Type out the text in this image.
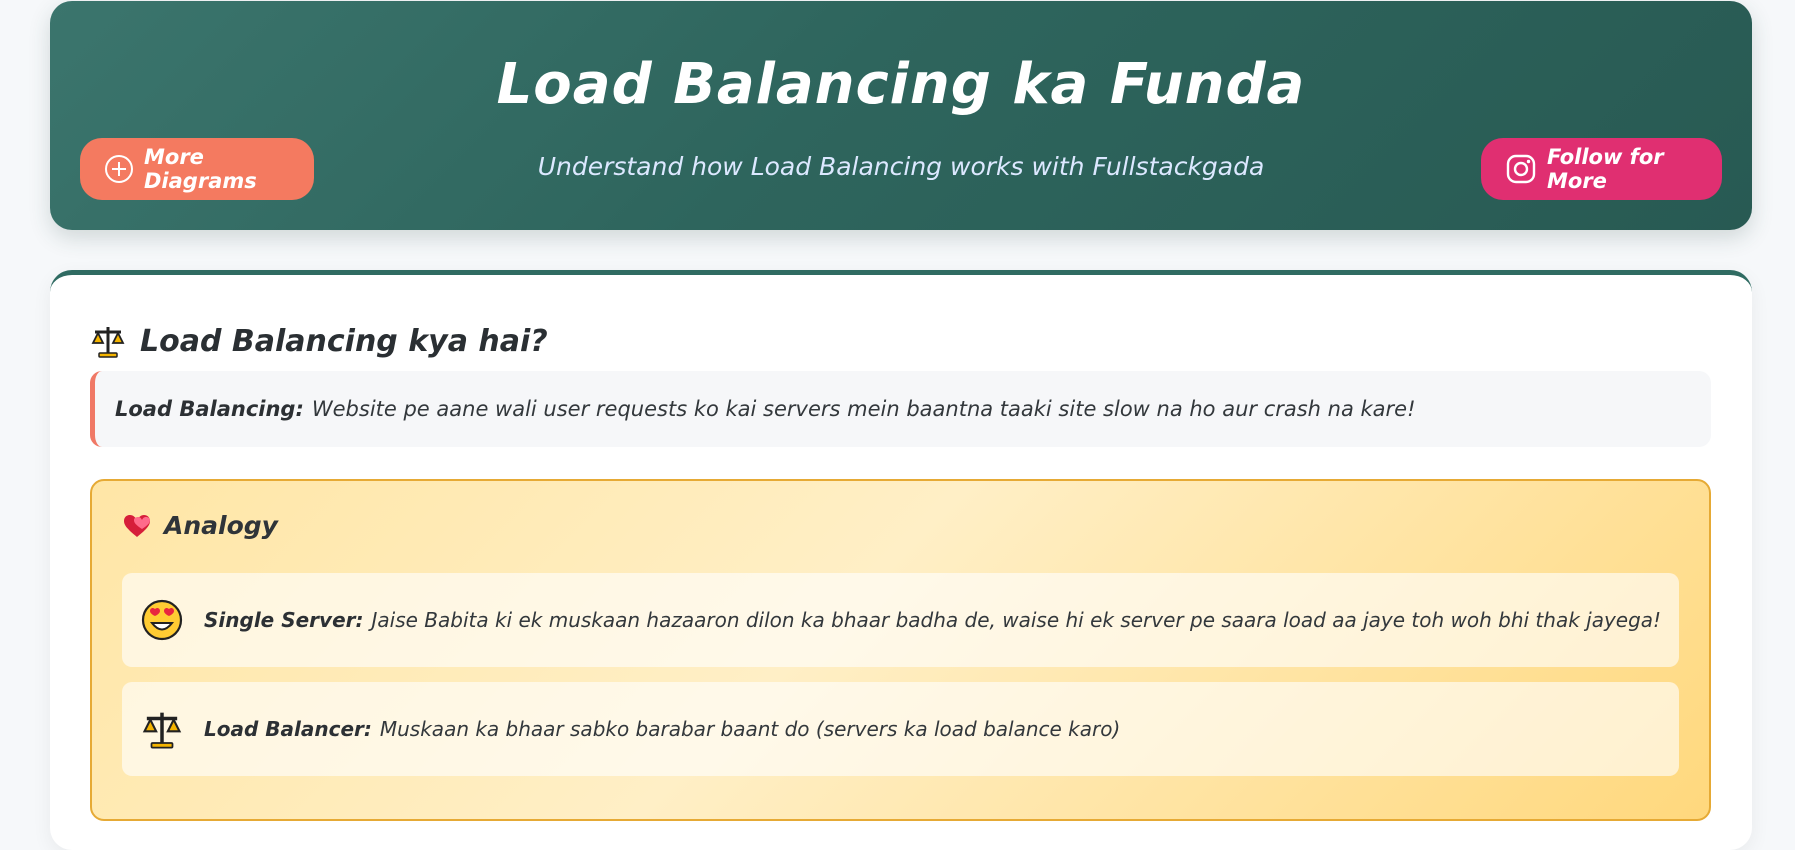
Load Balancing ka Funda
More Diagrams	Understand how Load Balancing works with Fullstackgada	Follow for More
Load Balancing kya hai?
Load Balancing: Website pe aane wali user requests ko kai servers mein baantna taaki site slow na ho aur crash na kare!
Analogy
Single Server: Jaise Babita ki ek muskaan hazaaron dilon ka bhaar badha de, waise hi ek server pe saara load aa jaye toh woh bhi thak jayega!
Load Balancer: Muskaan ka bhaar sabko barabar baant do (servers ka load balance karo)
